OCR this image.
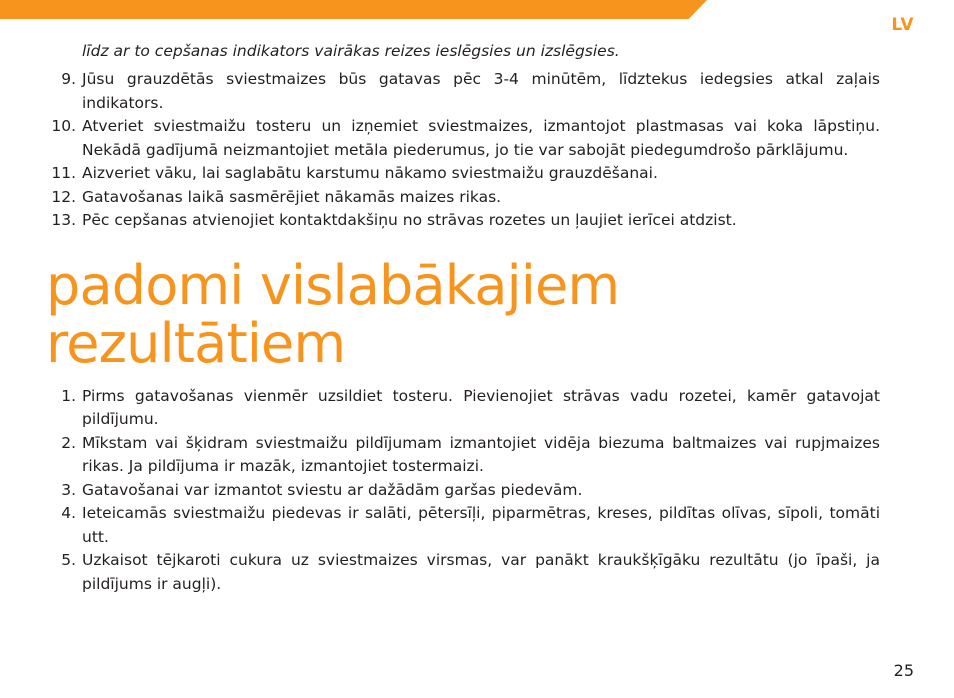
LV

līdz ar to cepšanas indikators vairākas reizes ieslēgsies un izslēgsies.

9. Jūsu grauzdētās sviestmaizes būs gatavas pēc 3-4 minūtēm, līdztekus iedegsies atkal zaļais indikators.
10. Atveriet sviestmaižu tosteru un izņemiet sviestmaizes, izmantojot plastmasas vai koka lāpstiņu. Nekādā gadījumā neizmantojiet metāla piederumus, jo tie var sabojāt piedegumdrošo pārklājumu.
11. Aizveriet vāku, lai saglabātu karstumu nākamo sviestmaižu grauzdēšanai.
12. Gatavošanas laikā sasmērējiet nākamās maizes rikas.
13. Pēc cepšanas atvienojiet kontaktdakšiņu no strāvas rozetes un ļaujiet ierīcei atdzist.
padomi vislabākajiem
rezultātiem
1. Pirms gatavošanas vienmēr uzsildiet tosteru. Pievienojiet strāvas vadu rozetei, kamēr gatavojat pildījumu.
2. Mīkstam vai šķidram sviestmaižu pildījumam izmantojiet vidēja biezuma baltmaizes vai rupjmaizes rikas. Ja pildījuma ir mazāk, izmantojiet tostermaizi.
3. Gatavošanai var izmantot sviestu ar dažādām garšas piedevām.
4. Ieteicamās sviestmaižu piedevas ir salāti, pētersīļi, piparmētras, kreses, pildītas olīvas, sīpoli, tomāti utt.
5. Uzkaisot tējkaroti cukura uz sviestmaizes virsmas, var panākt kraukšķīgāku rezultātu (jo īpaši, ja pildījums ir augļi).
25
